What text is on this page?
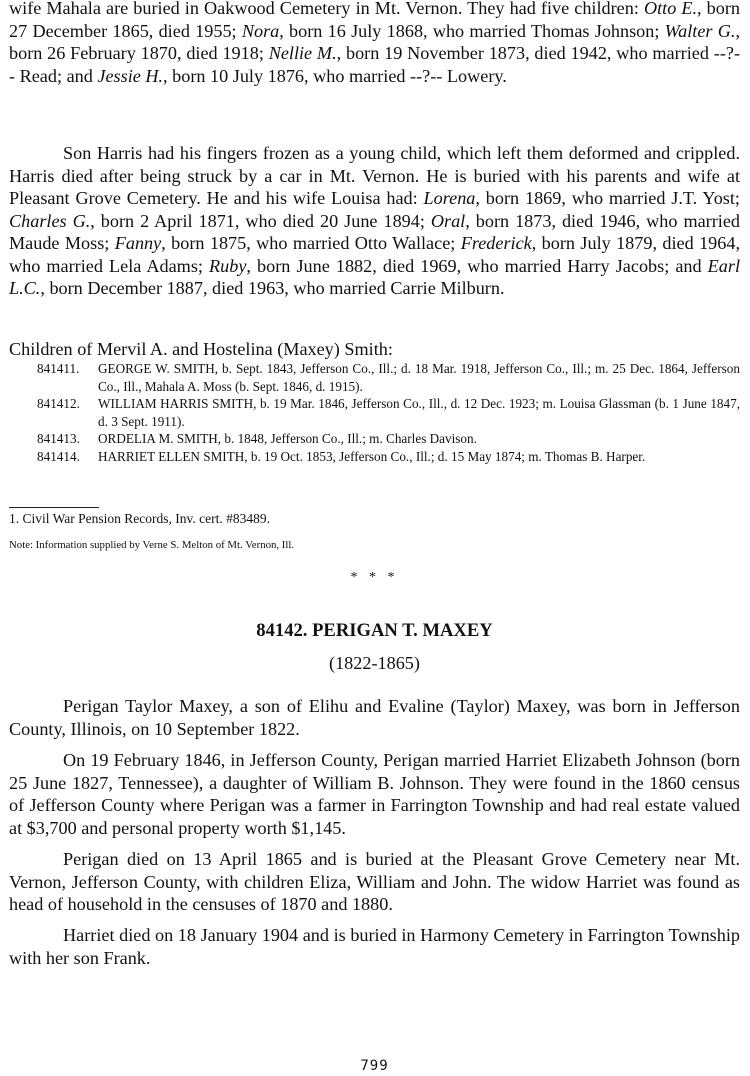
wife Mahala are buried in Oakwood Cemetery in Mt. Vernon. They had five children: Otto E., born 27 December 1865, died 1955; Nora, born 16 July 1868, who married Thomas Johnson; Walter G., born 26 February 1870, died 1918; Nellie M., born 19 November 1873, died 1942, who married --?-- Read; and Jessie H., born 10 July 1876, who married --?-- Lowery.

Son Harris had his fingers frozen as a young child, which left them deformed and crippled. Harris died after being struck by a car in Mt. Vernon. He is buried with his parents and wife at Pleasant Grove Cemetery. He and his wife Louisa had: Lorena, born 1869, who married J.T. Yost; Charles G., born 2 April 1871, who died 20 June 1894; Oral, born 1873, died 1946, who married Maude Moss; Fanny, born 1875, who married Otto Wallace; Frederick, born July 1879, died 1964, who married Lela Adams; Ruby, born June 1882, died 1969, who married Harry Jacobs; and Earl L.C., born December 1887, died 1963, who married Carrie Milburn.

Children of Mervil A. and Hostelina (Maxey) Smith:
841411.	GEORGE W. SMITH, b. Sept. 1843, Jefferson Co., Ill.; d. 18 Mar. 1918, Jefferson Co., Ill.; m. 25 Dec. 1864, Jefferson Co., Ill., Mahala A. Moss (b. Sept. 1846, d. 1915).
841412.	WILLIAM HARRIS SMITH, b. 19 Mar. 1846, Jefferson Co., Ill., d. 12 Dec. 1923; m. Louisa Glassman (b. 1 June 1847, d. 3 Sept. 1911).
841413.	ORDELIA M. SMITH, b. 1848, Jefferson Co., Ill.; m. Charles Davison.
841414.	HARRIET ELLEN SMITH, b. 19 Oct. 1853, Jefferson Co., Ill.; d. 15 May 1874; m. Thomas B. Harper.
1. Civil War Pension Records, Inv. cert. #83489.
Note: Information supplied by Verne S. Melton of Mt. Vernon, Ill.
* * *
84142. PERIGAN T. MAXEY
(1822-1865)

Perigan Taylor Maxey, a son of Elihu and Evaline (Taylor) Maxey, was born in Jefferson County, Illinois, on 10 September 1822.

On 19 February 1846, in Jefferson County, Perigan married Harriet Elizabeth Johnson (born 25 June 1827, Tennessee), a daughter of William B. Johnson. They were found in the 1860 census of Jefferson County where Perigan was a farmer in Farrington Township and had real estate valued at $3,700 and personal property worth $1,145.

Perigan died on 13 April 1865 and is buried at the Pleasant Grove Cemetery near Mt. Vernon, Jefferson County, with children Eliza, William and John. The widow Harriet was found as head of household in the censuses of 1870 and 1880.

Harriet died on 18 January 1904 and is buried in Harmony Cemetery in Farrington Township with her son Frank.

799
